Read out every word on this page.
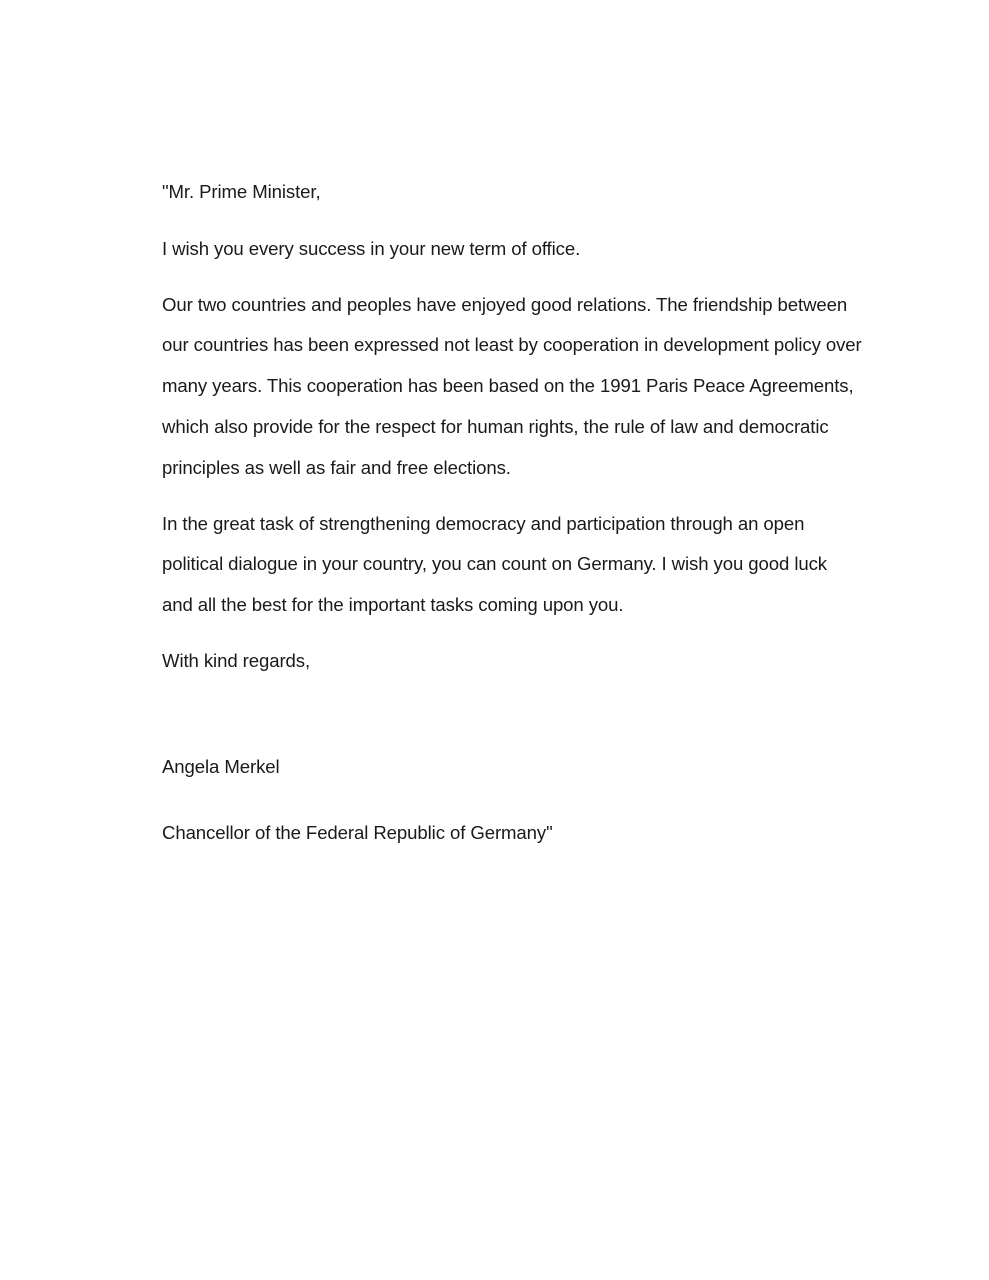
"Mr. Prime Minister,

I wish you every success in your new term of office.

Our two countries and peoples have enjoyed good relations. The friendship between
our countries has been expressed not least by cooperation in development policy over
many years. This cooperation has been based on the 1991 Paris Peace Agreements,
which also provide for the respect for human rights, the rule of law and democratic
principles as well as fair and free elections.

In the great task of strengthening democracy and participation through an open
political dialogue in your country, you can count on Germany. I wish you good luck
and all the best for the important tasks coming upon you.

With kind regards,

Angela Merkel

Chancellor of the Federal Republic of Germany"
